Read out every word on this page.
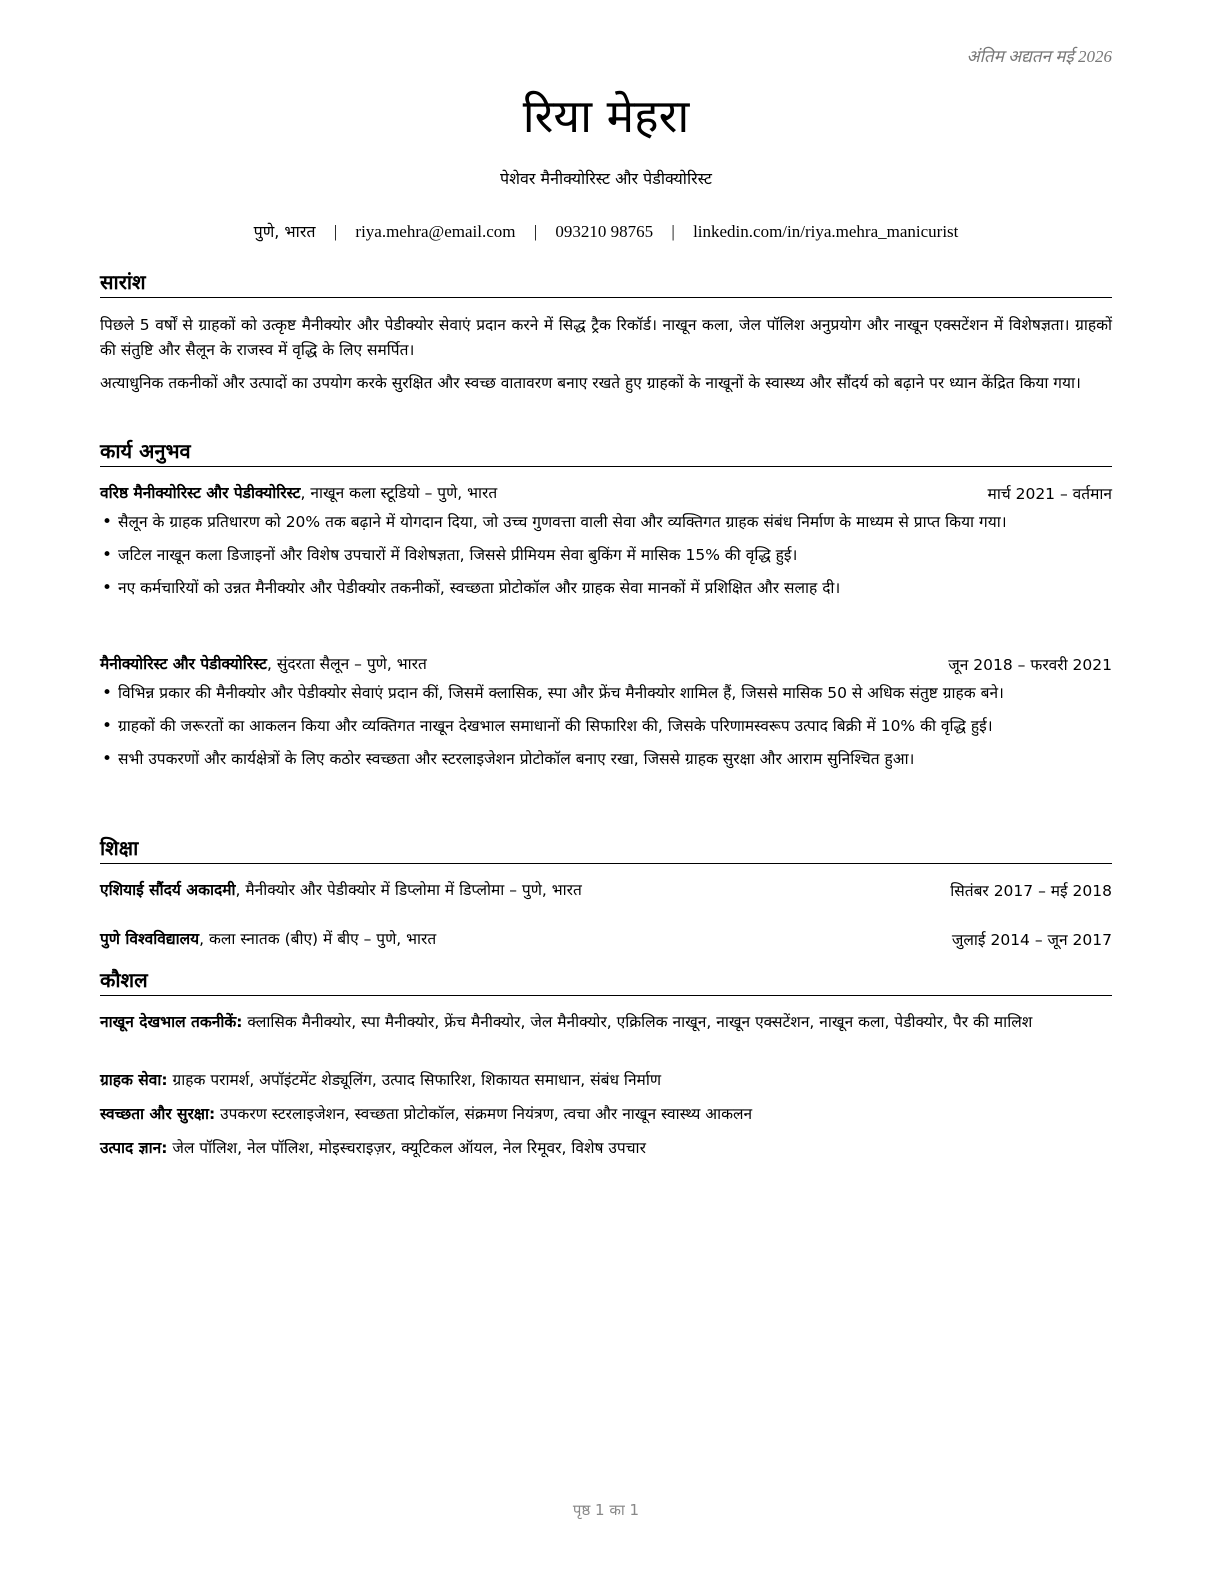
अंतिम अद्यतन मई 2026
रिया मेहरा
पेशेवर मैनीक्योरिस्ट और पेडीक्योरिस्ट
पुणे, भारत | riya.mehra@email.com | 093210 98765 | linkedin.com/in/riya.mehra_manicurist
सारांश
पिछले 5 वर्षों से ग्राहकों को उत्कृष्ट मैनीक्योर और पेडीक्योर सेवाएं प्रदान करने में सिद्ध ट्रैक रिकॉर्ड। नाखून कला, जेल पॉलिश अनुप्रयोग और नाखून एक्सटेंशन में विशेषज्ञता। ग्राहकों की संतुष्टि और सैलून के राजस्व में वृद्धि के लिए समर्पित।
अत्याधुनिक तकनीकों और उत्पादों का उपयोग करके सुरक्षित और स्वच्छ वातावरण बनाए रखते हुए ग्राहकों के नाखूनों के स्वास्थ्य और सौंदर्य को बढ़ाने पर ध्यान केंद्रित किया गया।
कार्य अनुभव
वरिष्ठ मैनीक्योरिस्ट और पेडीक्योरिस्ट, नाखून कला स्टूडियो – पुणे, भारत	मार्च 2021 – वर्तमान
• सैलून के ग्राहक प्रतिधारण को 20% तक बढ़ाने में योगदान दिया, जो उच्च गुणवत्ता वाली सेवा और व्यक्तिगत ग्राहक संबंध निर्माण के माध्यम से प्राप्त किया गया।
• जटिल नाखून कला डिजाइनों और विशेष उपचारों में विशेषज्ञता, जिससे प्रीमियम सेवा बुकिंग में मासिक 15% की वृद्धि हुई।
• नए कर्मचारियों को उन्नत मैनीक्योर और पेडीक्योर तकनीकों, स्वच्छता प्रोटोकॉल और ग्राहक सेवा मानकों में प्रशिक्षित और सलाह दी।
मैनीक्योरिस्ट और पेडीक्योरिस्ट, सुंदरता सैलून – पुणे, भारत	जून 2018 – फरवरी 2021
• विभिन्न प्रकार की मैनीक्योर और पेडीक्योर सेवाएं प्रदान कीं, जिसमें क्लासिक, स्पा और फ्रेंच मैनीक्योर शामिल हैं, जिससे मासिक 50 से अधिक संतुष्ट ग्राहक बने।
• ग्राहकों की जरूरतों का आकलन किया और व्यक्तिगत नाखून देखभाल समाधानों की सिफारिश की, जिसके परिणामस्वरूप उत्पाद बिक्री में 10% की वृद्धि हुई।
• सभी उपकरणों और कार्यक्षेत्रों के लिए कठोर स्वच्छता और स्टरलाइजेशन प्रोटोकॉल बनाए रखा, जिससे ग्राहक सुरक्षा और आराम सुनिश्चित हुआ।
शिक्षा
एशियाई सौंदर्य अकादमी, मैनीक्योर और पेडीक्योर में डिप्लोमा में डिप्लोमा – पुणे, भारत	सितंबर 2017 – मई 2018
पुणे विश्वविद्यालय, कला स्नातक (बीए) में बीए – पुणे, भारत	जुलाई 2014 – जून 2017
कौशल
नाखून देखभाल तकनीकें: क्लासिक मैनीक्योर, स्पा मैनीक्योर, फ्रेंच मैनीक्योर, जेल मैनीक्योर, एक्रिलिक नाखून, नाखून एक्सटेंशन, नाखून कला, पेडीक्योर, पैर की मालिश
ग्राहक सेवा: ग्राहक परामर्श, अपॉइंटमेंट शेड्यूलिंग, उत्पाद सिफारिश, शिकायत समाधान, संबंध निर्माण
स्वच्छता और सुरक्षा: उपकरण स्टरलाइजेशन, स्वच्छता प्रोटोकॉल, संक्रमण नियंत्रण, त्वचा और नाखून स्वास्थ्य आकलन
उत्पाद ज्ञान: जेल पॉलिश, नेल पॉलिश, मोइस्चराइज़र, क्यूटिकल ऑयल, नेल रिमूवर, विशेष उपचार
पृष्ठ 1 का 1
